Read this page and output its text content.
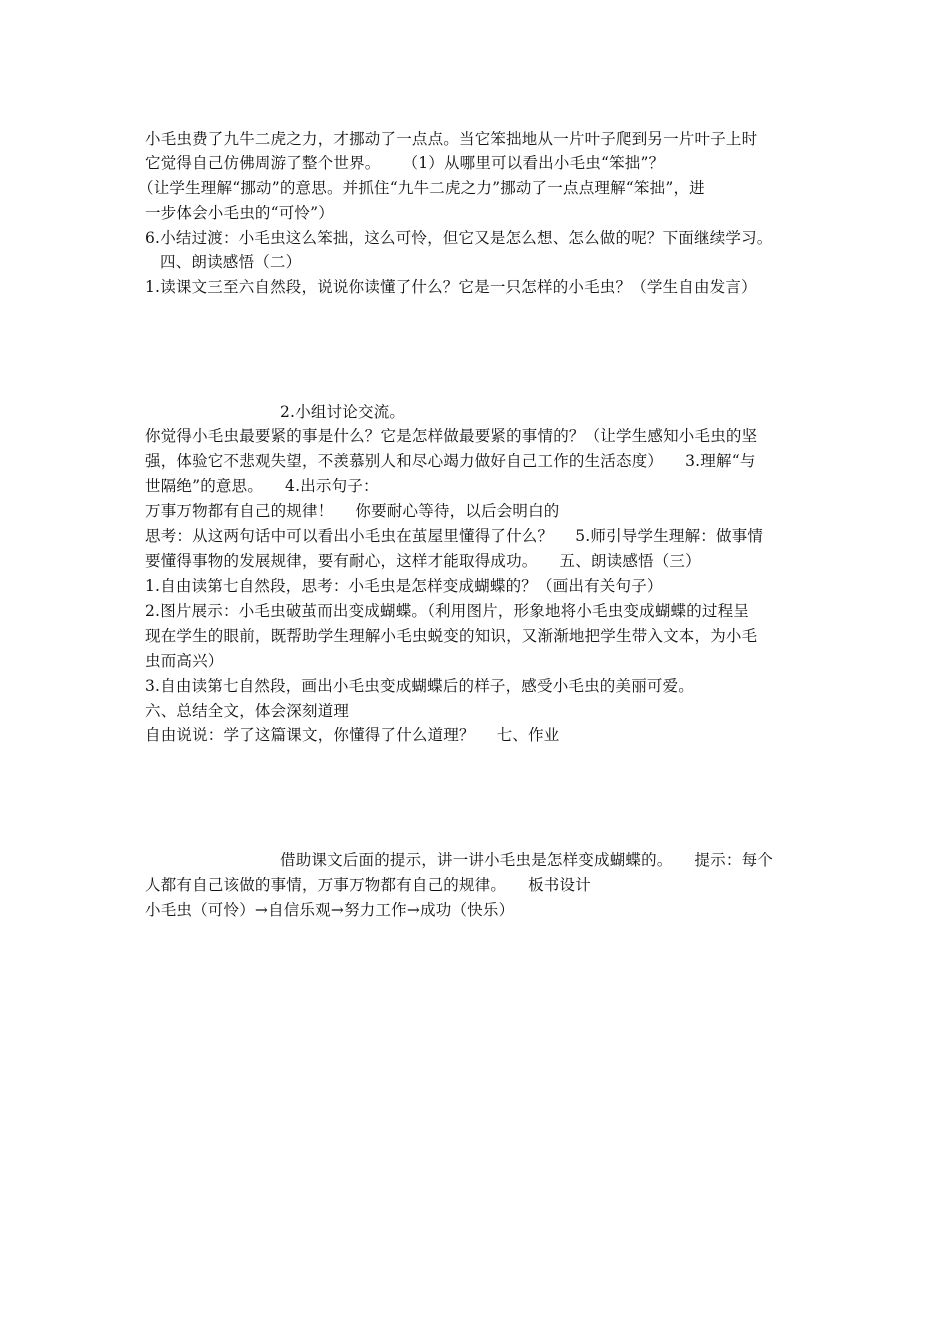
小毛虫费了九牛二虎之力，才挪动了一点点。当它笨拙地从一片叶子爬到另一片叶子上时
它觉得自己仿佛周游了整个世界。 （1）从哪里可以看出小毛虫“笨拙”？
（让学生理解“挪动”的意思。并抓住“九牛二虎之力”挪动了一点点理解“笨拙”，进
一步体会小毛虫的“可怜”）
6.小结过渡：小毛虫这么笨拙，这么可怜，但它又是怎么想、怎么做的呢？下面继续学习。
四、朗读感悟（二）
1.读课文三至六自然段，说说你读懂了什么？它是一只怎样的小毛虫？（学生自由发言）
2.小组讨论交流。
你觉得小毛虫最要紧的事是什么？它是怎样做最要紧的事情的？（让学生感知小毛虫的坚
强，体验它不悲观失望，不羡慕别人和尽心竭力做好自己工作的生活态度） 3.理解“与
世隔绝”的意思。 4.出示句子：
万事万物都有自己的规律！ 你要耐心等待，以后会明白的
思考：从这两句话中可以看出小毛虫在茧屋里懂得了什么？ 5.师引导学生理解：做事情
要懂得事物的发展规律，要有耐心，这样才能取得成功。 五、朗读感悟（三）
1.自由读第七自然段，思考：小毛虫是怎样变成蝴蝶的？（画出有关句子）
2.图片展示：小毛虫破茧而出变成蝴蝶。（利用图片，形象地将小毛虫变成蝴蝶的过程呈
现在学生的眼前，既帮助学生理解小毛虫蜕变的知识，又渐渐地把学生带入文本，为小毛
虫而高兴）
3.自由读第七自然段，画出小毛虫变成蝴蝶后的样子，感受小毛虫的美丽可爱。
六、总结全文，体会深刻道理
自由说说：学了这篇课文，你懂得了什么道理？ 七、作业
借助课文后面的提示，讲一讲小毛虫是怎样变成蝴蝶的。 提示：每个
人都有自己该做的事情，万事万物都有自己的规律。 板书设计
小毛虫（可怜）→自信乐观→努力工作→成功（快乐）
